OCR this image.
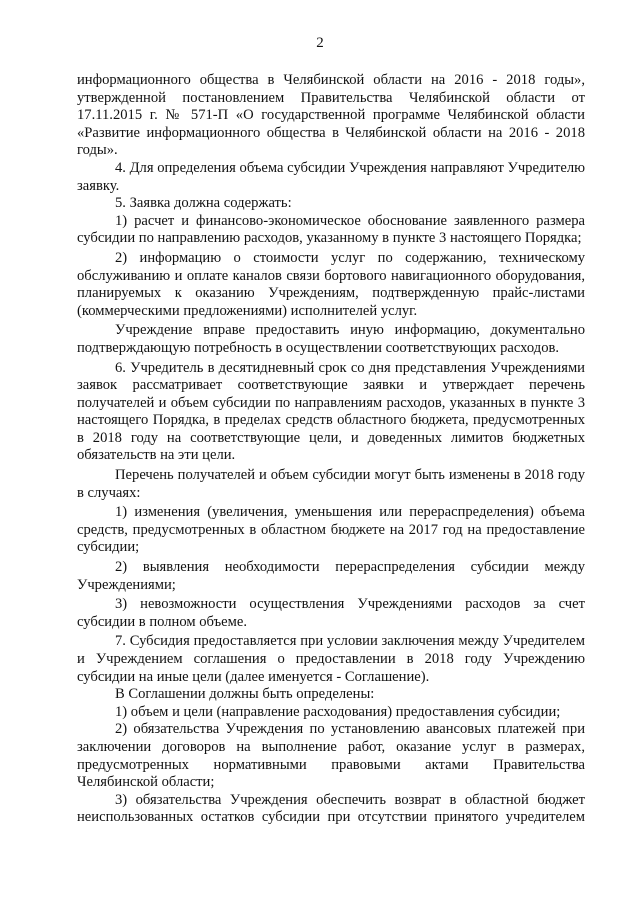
2

информационного общества в Челябинской области на 2016 - 2018 годы», утвержденной постановлением Правительства Челябинской области от 17.11.2015 г. № 571-П «О государственной программе Челябинской области «Развитие информационного общества в Челябинской области на 2016 - 2018 годы».

4. Для определения объема субсидии Учреждения направляют Учредителю заявку.

5. Заявка должна содержать:

1) расчет и финансово-экономическое обоснование заявленного размера субсидии по направлению расходов, указанному в пункте 3 настоящего Порядка;

2) информацию о стоимости услуг по содержанию, техническому обслуживанию и оплате каналов связи бортового навигационного оборудования, планируемых к оказанию Учреждениям, подтвержденную прайс-листами (коммерческими предложениями) исполнителей услуг.

Учреждение вправе предоставить иную информацию, документально подтверждающую потребность в осуществлении соответствующих расходов.

6. Учредитель в десятидневный срок со дня представления Учреждениями заявок рассматривает соответствующие заявки и утверждает перечень получателей и объем субсидии по направлениям расходов, указанных в пункте 3 настоящего Порядка, в пределах средств областного бюджета, предусмотренных в 2018 году на соответствующие цели, и доведенных лимитов бюджетных обязательств на эти цели.

Перечень получателей и объем субсидии могут быть изменены в 2018 году в случаях:

1) изменения (увеличения, уменьшения или перераспределения) объема средств, предусмотренных в областном бюджете на 2017 год на предоставление субсидии;

2) выявления необходимости перераспределения субсидии между Учреждениями;

3) невозможности осуществления Учреждениями расходов за счет субсидии в полном объеме.

7. Субсидия предоставляется при условии заключения между Учредителем и Учреждением соглашения о предоставлении в 2018 году Учреждению субсидии на иные цели (далее именуется - Соглашение).

В Соглашении должны быть определены:

1) объем и цели (направление расходования) предоставления субсидии;

2) обязательства Учреждения по установлению авансовых платежей при заключении договоров на выполнение работ, оказание услуг в размерах, предусмотренных нормативными правовыми актами Правительства Челябинской области;

3) обязательства Учреждения обеспечить возврат в областной бюджет неиспользованных остатков субсидии при отсутствии принятого учредителем
